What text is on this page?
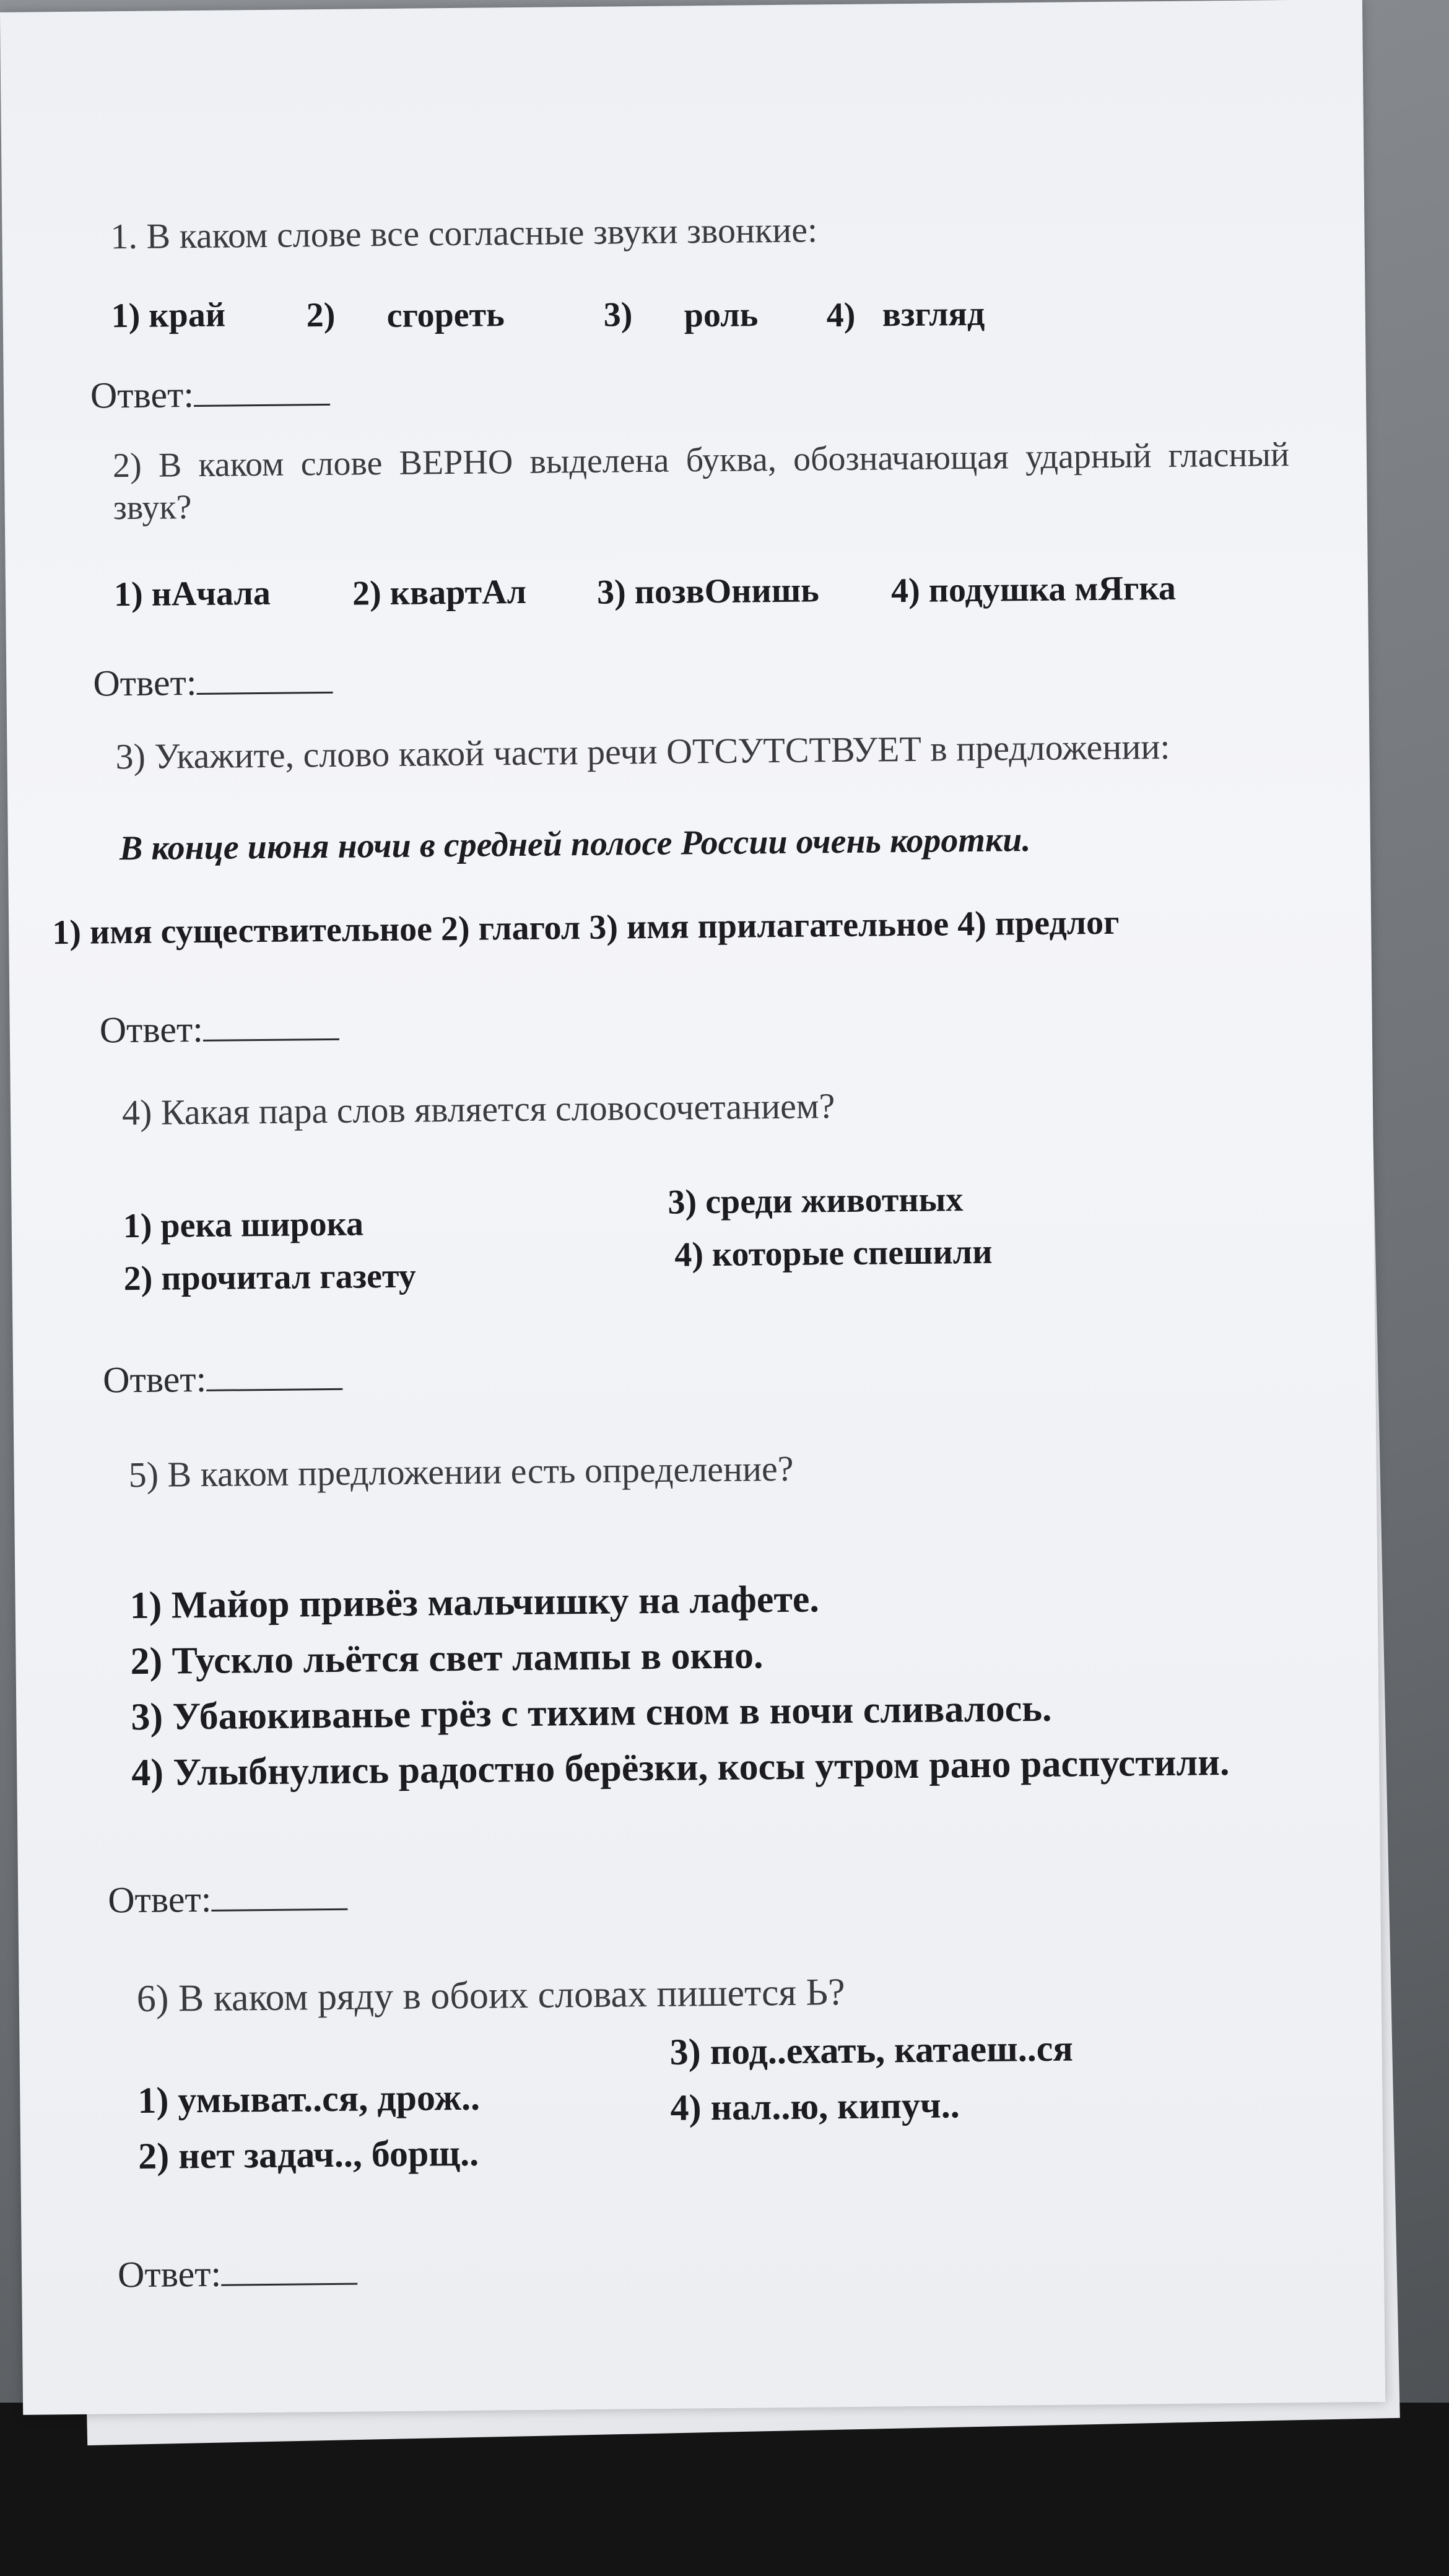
1. В каком слове все согласные звуки звонкие:
1) край 2) сгореть	3) роль 4) взгляд
Ответ:
2) В каком слове ВЕРНО выделена буква, обозначающая ударный гласный звук?
1) нАчала 2) квартАл 3) позвОнишь 4) подушка мЯгка
Ответ:
3) Укажите, слово какой части речи ОТСУТСТВУЕТ в предложении:
В конце июня ночи в средней полосе России очень коротки.
1) имя существительное 2) глагол 3) имя прилагательное 4) предлог
Ответ:
4) Какая пара слов является словосочетанием?
1) река широка
2) прочитал газету
3) среди животных
4) которые спешили
Ответ:
5) В каком предложении есть определение?
1) Майор привёз мальчишку на лафете.
2) Тускло льётся свет лампы в окно.
3) Убаюкиванье грёз с тихим сном в ночи сливалось.
4) Улыбнулись радостно берёзки, косы утром рано распустили.
Ответ:
6) В каком ряду в обоих словах пишется Ь?
1) умыват..ся, дрож..
2) нет задач.., борщ..
3) под..ехать, катаеш..ся
4) нал..ю, кипуч..
Ответ:
